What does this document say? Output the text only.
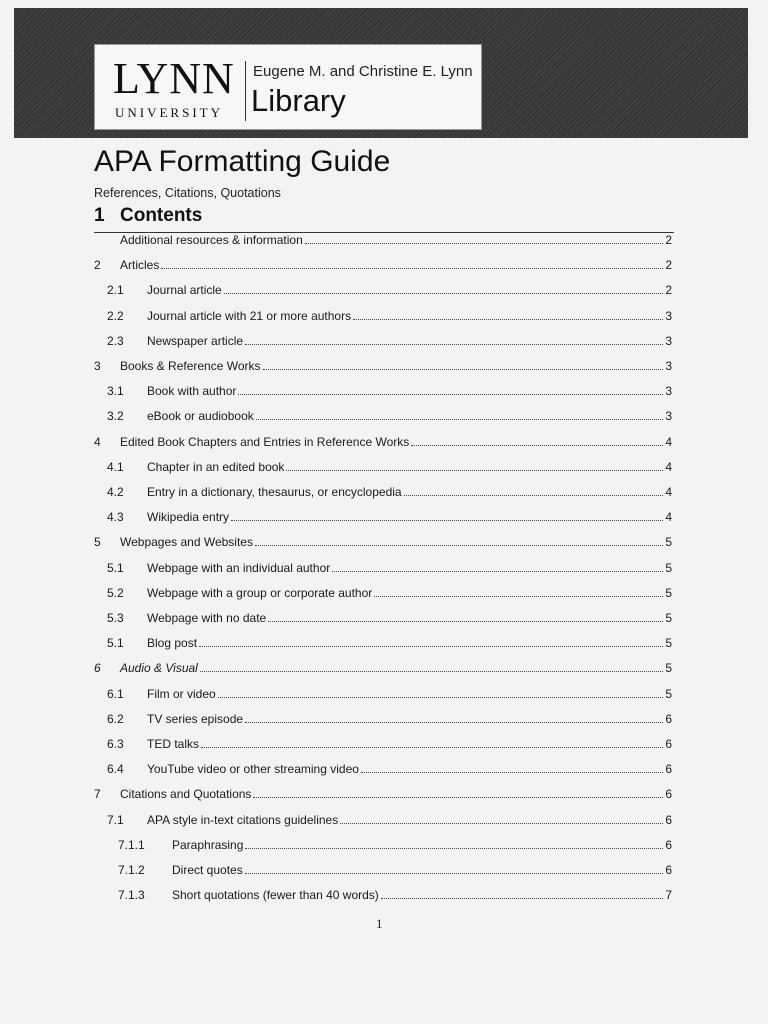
LYNN
UNIVERSITY
Eugene M. and Christine E. Lynn
Library
APA Formatting Guide
References, Citations, Quotations
1 Contents
Additional resources & information	2
2 Articles	2
2.1 Journal article	2
2.2 Journal article with 21 or more authors	3
2.3 Newspaper article	3
3 Books & Reference Works	3
3.1 Book with author	3
3.2 eBook or audiobook	3
4 Edited Book Chapters and Entries in Reference Works	4
4.1 Chapter in an edited book	4
4.2 Entry in a dictionary, thesaurus, or encyclopedia	4
4.3 Wikipedia entry	4
5 Webpages and Websites	5
5.1 Webpage with an individual author	5
5.2 Webpage with a group or corporate author	5
5.3 Webpage with no date	5
5.1 Blog post	5
6 Audio & Visual	5
6.1 Film or video	5
6.2 TV series episode	6
6.3 TED talks	6
6.4 YouTube video or other streaming video	6
7 Citations and Quotations	6
7.1 APA style in-text citations guidelines	6
7.1.1 Paraphrasing	6
7.1.2 Direct quotes	6
7.1.3 Short quotations (fewer than 40 words)	7
1
